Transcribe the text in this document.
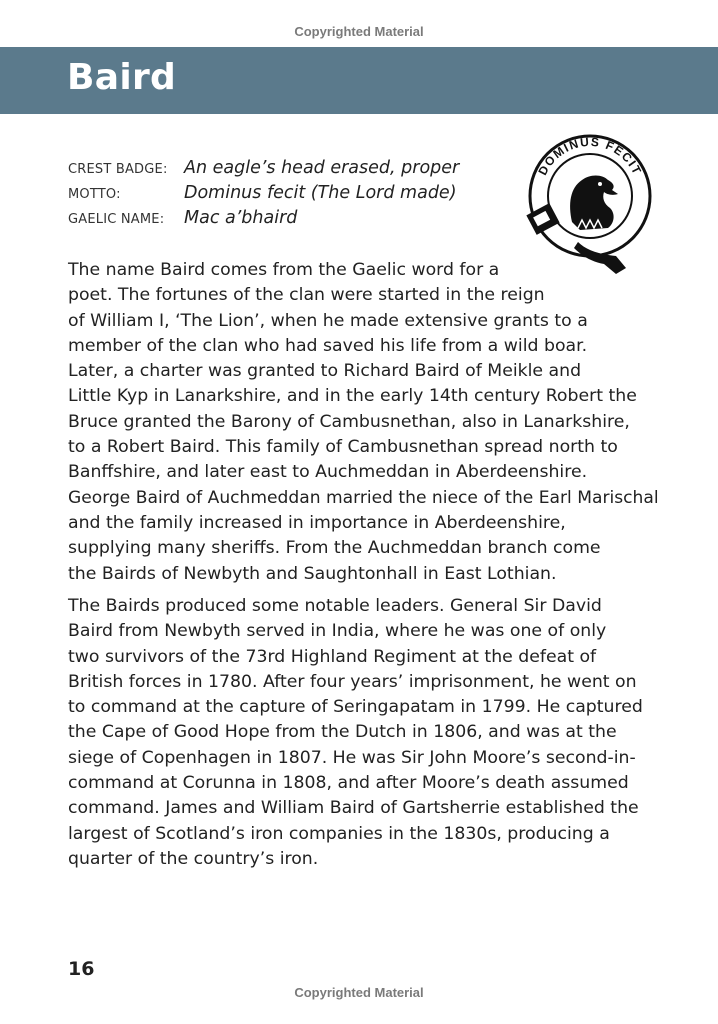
Copyrighted Material
Baird
CREST BADGE: An eagle’s head erased, proper
MOTTO:	Dominus fecit (The Lord made)
GAELIC NAME:	Mac a’bhaird
DOMINUS FECIT
The name Baird comes from the Gaelic word for a
poet. The fortunes of the clan were started in the reign
of William I, ‘The Lion’, when he made extensive grants to a
member of the clan who had saved his life from a wild boar.
Later, a charter was granted to Richard Baird of Meikle and
Little Kyp in Lanarkshire, and in the early 14th century Robert the
Bruce granted the Barony of Cambusnethan, also in Lanarkshire,
to a Robert Baird. This family of Cambusnethan spread north to
Banffshire, and later east to Auchmeddan in Aberdeenshire.
George Baird of Auchmeddan married the niece of the Earl Marischal
and the family increased in importance in Aberdeenshire,
supplying many sheriffs. From the Auchmeddan branch come
the Bairds of Newbyth and Saughtonhall in East Lothian.
The Bairds produced some notable leaders. General Sir David
Baird from Newbyth served in India, where he was one of only
two survivors of the 73rd Highland Regiment at the defeat of
British forces in 1780. After four years’ imprisonment, he went on
to command at the capture of Seringapatam in 1799. He captured
the Cape of Good Hope from the Dutch in 1806, and was at the
siege of Copenhagen in 1807. He was Sir John Moore’s second-in-
command at Corunna in 1808, and after Moore’s death assumed
command. James and William Baird of Gartsherrie established the
largest of Scotland’s iron companies in the 1830s, producing a
quarter of the country’s iron.
16
Copyrighted Material
